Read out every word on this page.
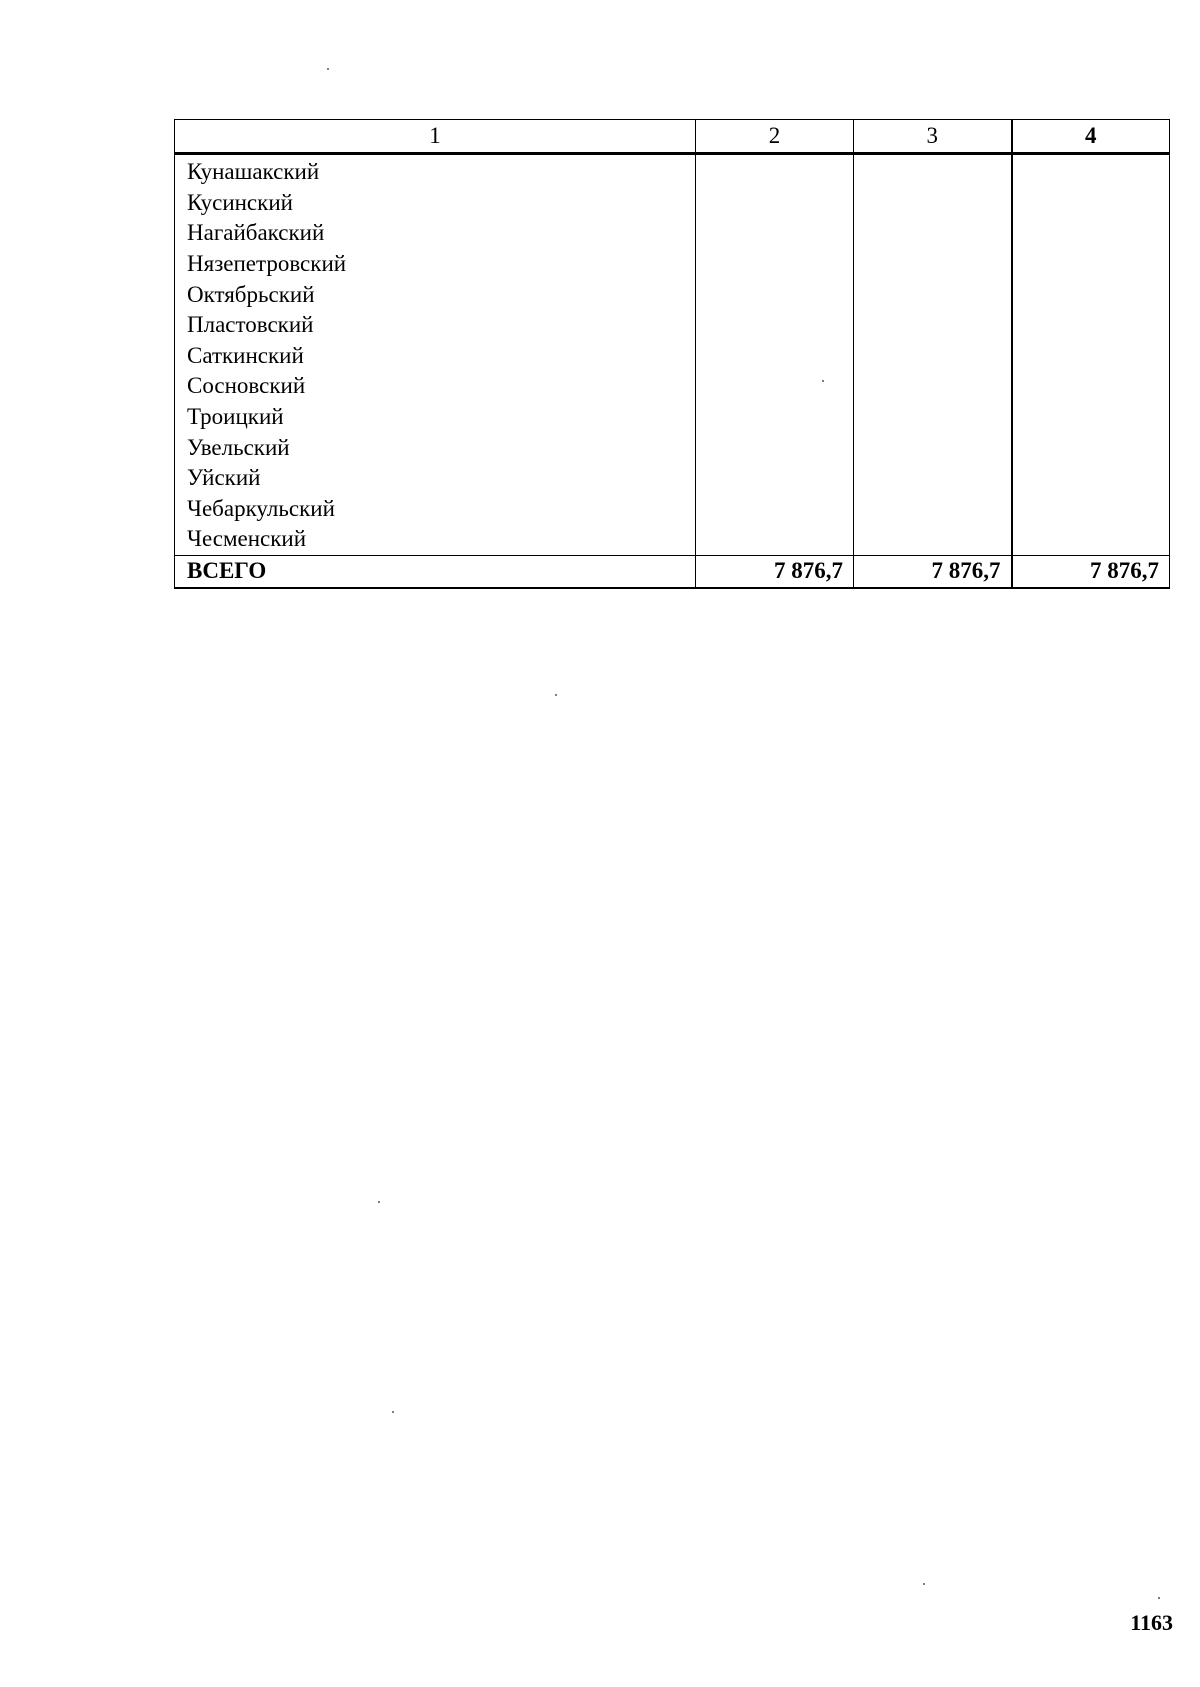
1	2	3	4
Кунашакский			
Кусинский			
Нагайбакский			
Нязепетровский			
Октябрьский			
Пластовский			
Саткинский			
Сосновский			
Троицкий			
Увельский			
Уйский			
Чебаркульский			
Чесменский			
ВСЕГО	7 876,7	7 876,7	7 876,7
1163
